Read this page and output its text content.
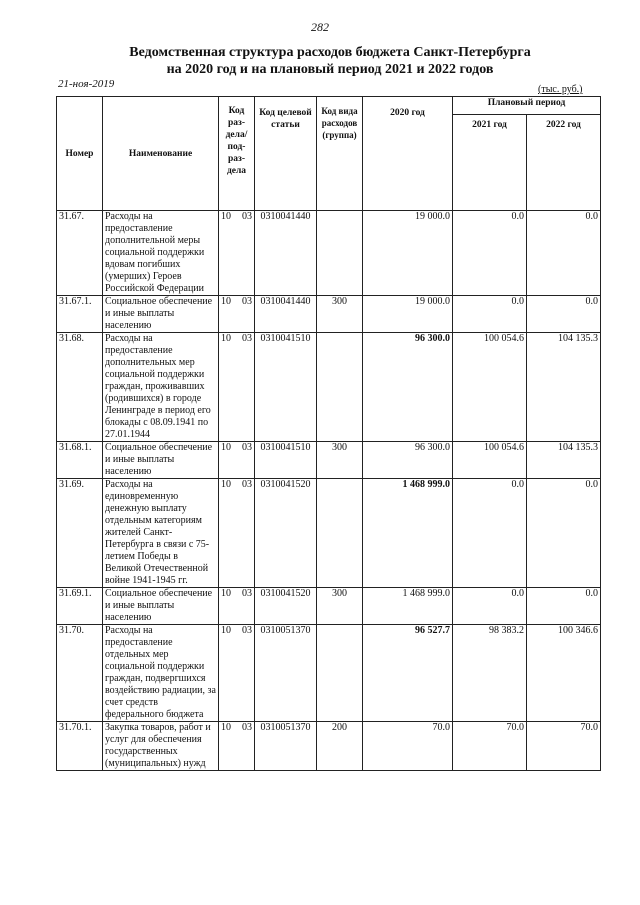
282
Ведомственная структура расходов бюджета Санкт-Петербурга
на 2020 год и на плановый период 2021 и 2022 годов
21-ноя-2019	(тыс. руб.)
Номер	Наименование	Код раз-дела/ под-раз-дела	Код целевой статьи	Код вида расходов (группа)	2020 год	Плановый период	
						2021 год	2022 год
31.67.	Расходы на предоставление дополнительной меры социальной поддержки вдовам погибших (умерших) Героев Российской Федерации	10 03	0310041440		19 000.0	0.0	0.0
31.67.1.	Социальное обеспечение и иные выплаты населению	10 03	0310041440	300	19 000.0	0.0	0.0
31.68.	Расходы на предоставление дополнительных мер социальной поддержки граждан, проживавших (родившихся) в городе Ленинграде в период его блокады с 08.09.1941 по 27.01.1944	10 03	0310041510		96 300.0	100 054.6	104 135.3
31.68.1.	Социальное обеспечение и иные выплаты населению	10 03	0310041510	300	96 300.0	100 054.6	104 135.3
31.69.	Расходы на единовременную денежную выплату отдельным категориям жителей Санкт-Петербурга в связи с 75-летием Победы в Великой Отечественной войне 1941-1945 гг.	10 03	0310041520		1 468 999.0	0.0	0.0
31.69.1.	Социальное обеспечение и иные выплаты населению	10 03	0310041520	300	1 468 999.0	0.0	0.0
31.70.	Расходы на предоставление отдельных мер социальной поддержки граждан, подвергшихся воздействию радиации, за счет средств федерального бюджета	10 03	0310051370		96 527.7	98 383.2	100 346.6
31.70.1.	Закупка товаров, работ и услуг для обеспечения государственных (муниципальных) нужд	10 03	0310051370	200	70.0	70.0	70.0
